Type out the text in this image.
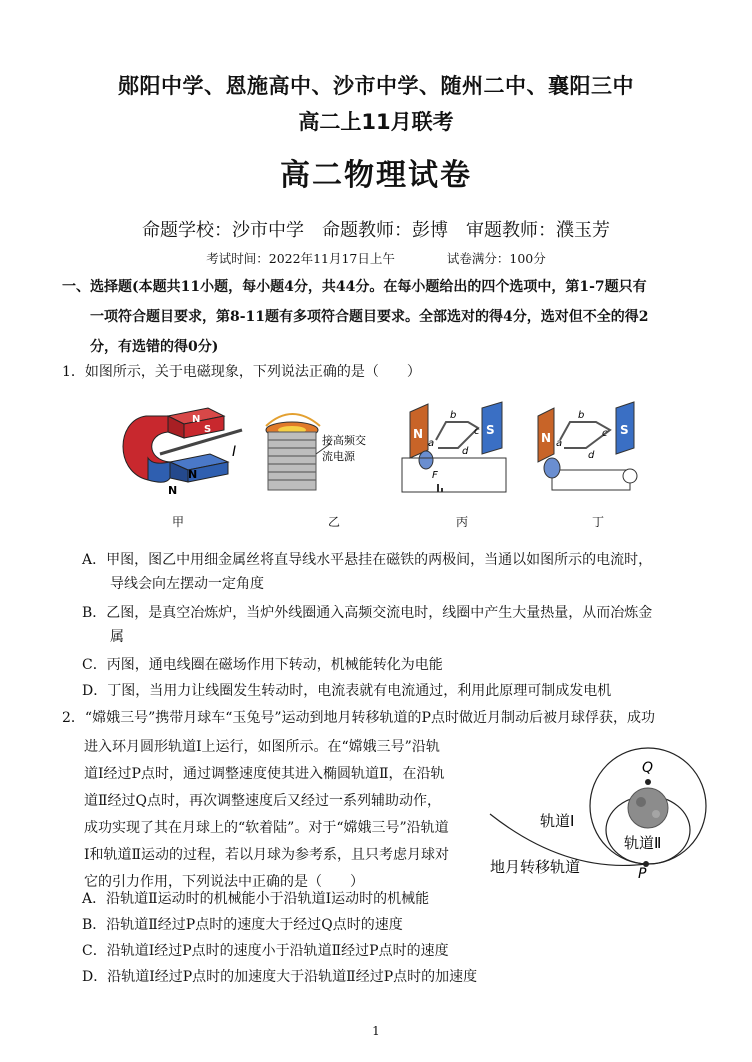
郧阳中学、恩施高中、沙市中学、随州二中、襄阳三中
高二上11月联考
高二物理试卷
命题学校：沙市中学　命题教师：彭博　审题教师：濮玉芳
考试时间：2022年11月17日上午	试卷满分：100分
一、选择题(本题共11小题，每小题4分，共44分。在每小题给出的四个选项中，第1-7题只有
一项符合题目要求，第8-11题有多项符合题目要求。全部选对的得4分，选对但不全的得2
分，有选错的得0分)
1．如图所示，关于电磁现象，下列说法正确的是（　　）
N
S
N
N
I
接高频交
流电源
N	S
b
c
d
a
F
N
S
a
b
c
d
甲	乙	丙	丁
A．甲图，图乙中用细金属丝将直导线水平悬挂在磁铁的两极间，当通以如图所示的电流时，
导线会向左摆动一定角度
B．乙图，是真空冶炼炉，当炉外线圈通入高频交流电时，线圈中产生大量热量，从而冶炼金
属
C．丙图，通电线圈在磁场作用下转动，机械能转化为电能
D．丁图，当用力让线圈发生转动时，电流表就有电流通过，利用此原理可制成发电机
2．“嫦娥三号”携带月球车“玉兔号”运动到地月转移轨道的P点时做近月制动后被月球俘获，成功
进入环月圆形轨道Ⅰ上运行，如图所示。在“嫦娥三号”沿轨
道Ⅰ经过P点时，通过调整速度使其进入椭圆轨道Ⅱ，在沿轨
道Ⅱ经过Q点时，再次调整速度后又经过一系列辅助动作，
成功实现了其在月球上的“软着陆”。对于“嫦娥三号”沿轨道
Ⅰ和轨道Ⅱ运动的过程，若以月球为参考系，且只考虑月球对
它的引力作用，下列说法中正确的是（　　）
Q
P
轨道Ⅰ
轨道Ⅱ
地月转移轨道
A．沿轨道Ⅱ运动时的机械能小于沿轨道Ⅰ运动时的机械能
B．沿轨道Ⅱ经过P点时的速度大于经过Q点时的速度
C．沿轨道Ⅰ经过P点时的速度小于沿轨道Ⅱ经过P点时的速度
D．沿轨道Ⅰ经过P点时的加速度大于沿轨道Ⅱ经过P点时的加速度
1
